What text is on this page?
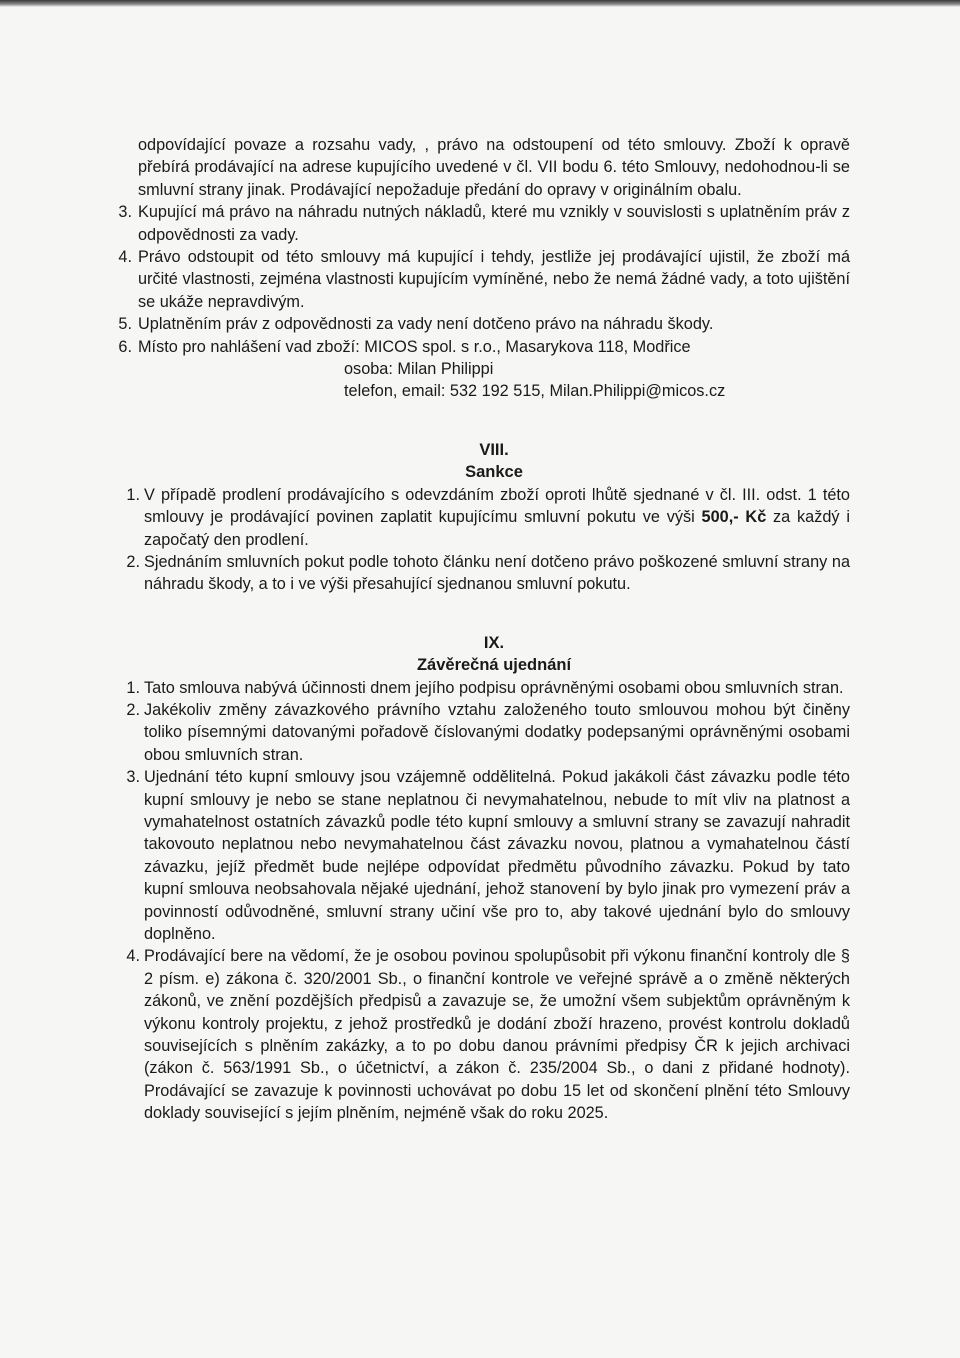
odpovídající povaze a rozsahu vady, , právo na odstoupení od této smlouvy. Zboží k opravě přebírá prodávající na adrese kupujícího uvedené v čl. VII bodu 6. této Smlouvy, nedohodnou-li se smluvní strany jinak. Prodávající nepožaduje předání do opravy v originálním obalu.

3. Kupující má právo na náhradu nutných nákladů, které mu vznikly v souvislosti s uplatněním práv z odpovědnosti za vady.
4. Právo odstoupit od této smlouvy má kupující i tehdy, jestliže jej prodávající ujistil, že zboží má určité vlastnosti, zejména vlastnosti kupujícím vymíněné, nebo že nemá žádné vady, a toto ujištění se ukáže nepravdivým.
5. Uplatněním práv z odpovědnosti za vady není dotčeno právo na náhradu škody.
6. Místo pro nahlášení vad zboží: MICOS spol. s r.o., Masarykova 118, Modřice

osoba: Milan Philippi

telefon, email: 532 192 515, Milan.Philippi@micos.cz

VIII.

Sankce

1. V případě prodlení prodávajícího s odevzdáním zboží oproti lhůtě sjednané v čl. III. odst. 1 této smlouvy je prodávající povinen zaplatit kupujícímu smluvní pokutu ve výši 500,- Kč za každý i započatý den prodlení.
2. Sjednáním smluvních pokut podle tohoto článku není dotčeno právo poškozené smluvní strany na náhradu škody, a to i ve výši přesahující sjednanou smluvní pokutu.

IX.

Závěrečná ujednání

1. Tato smlouva nabývá účinnosti dnem jejího podpisu oprávněnými osobami obou smluvních stran.
2. Jakékoliv změny závazkového právního vztahu založeného touto smlouvou mohou být činěny toliko písemnými datovanými pořadově číslovanými dodatky podepsanými oprávněnými osobami obou smluvních stran.
3. Ujednání této kupní smlouvy jsou vzájemně oddělitelná. Pokud jakákoli část závazku podle této kupní smlouvy je nebo se stane neplatnou či nevymahatelnou, nebude to mít vliv na platnost a vymahatelnost ostatních závazků podle této kupní smlouvy a smluvní strany se zavazují nahradit takovouto neplatnou nebo nevymahatelnou část závazku novou, platnou a vymahatelnou částí závazku, jejíž předmět bude nejlépe odpovídat předmětu původního závazku. Pokud by tato kupní smlouva neobsahovala nějaké ujednání, jehož stanovení by bylo jinak pro vymezení práv a povinností odůvodněné, smluvní strany učiní vše pro to, aby takové ujednání bylo do smlouvy doplněno.
4. Prodávající bere na vědomí, že je osobou povinou spolupůsobit při výkonu finanční kontroly dle § 2 písm. e) zákona č. 320/2001 Sb., o finanční kontrole ve veřejné správě a o změně některých zákonů, ve znění pozdějších předpisů a zavazuje se, že umožní všem subjektům oprávněným k výkonu kontroly projektu, z jehož prostředků je dodání zboží hrazeno, provést kontrolu dokladů souvisejících s plněním zakázky, a to po dobu danou právními předpisy ČR k jejich archivaci (zákon č. 563/1991 Sb., o účetnictví, a zákon č. 235/2004 Sb., o dani z přidané hodnoty). Prodávající se zavazuje k povinnosti uchovávat po dobu 15 let od skončení plnění této Smlouvy doklady související s jejím plněním, nejméně však do roku 2025.
